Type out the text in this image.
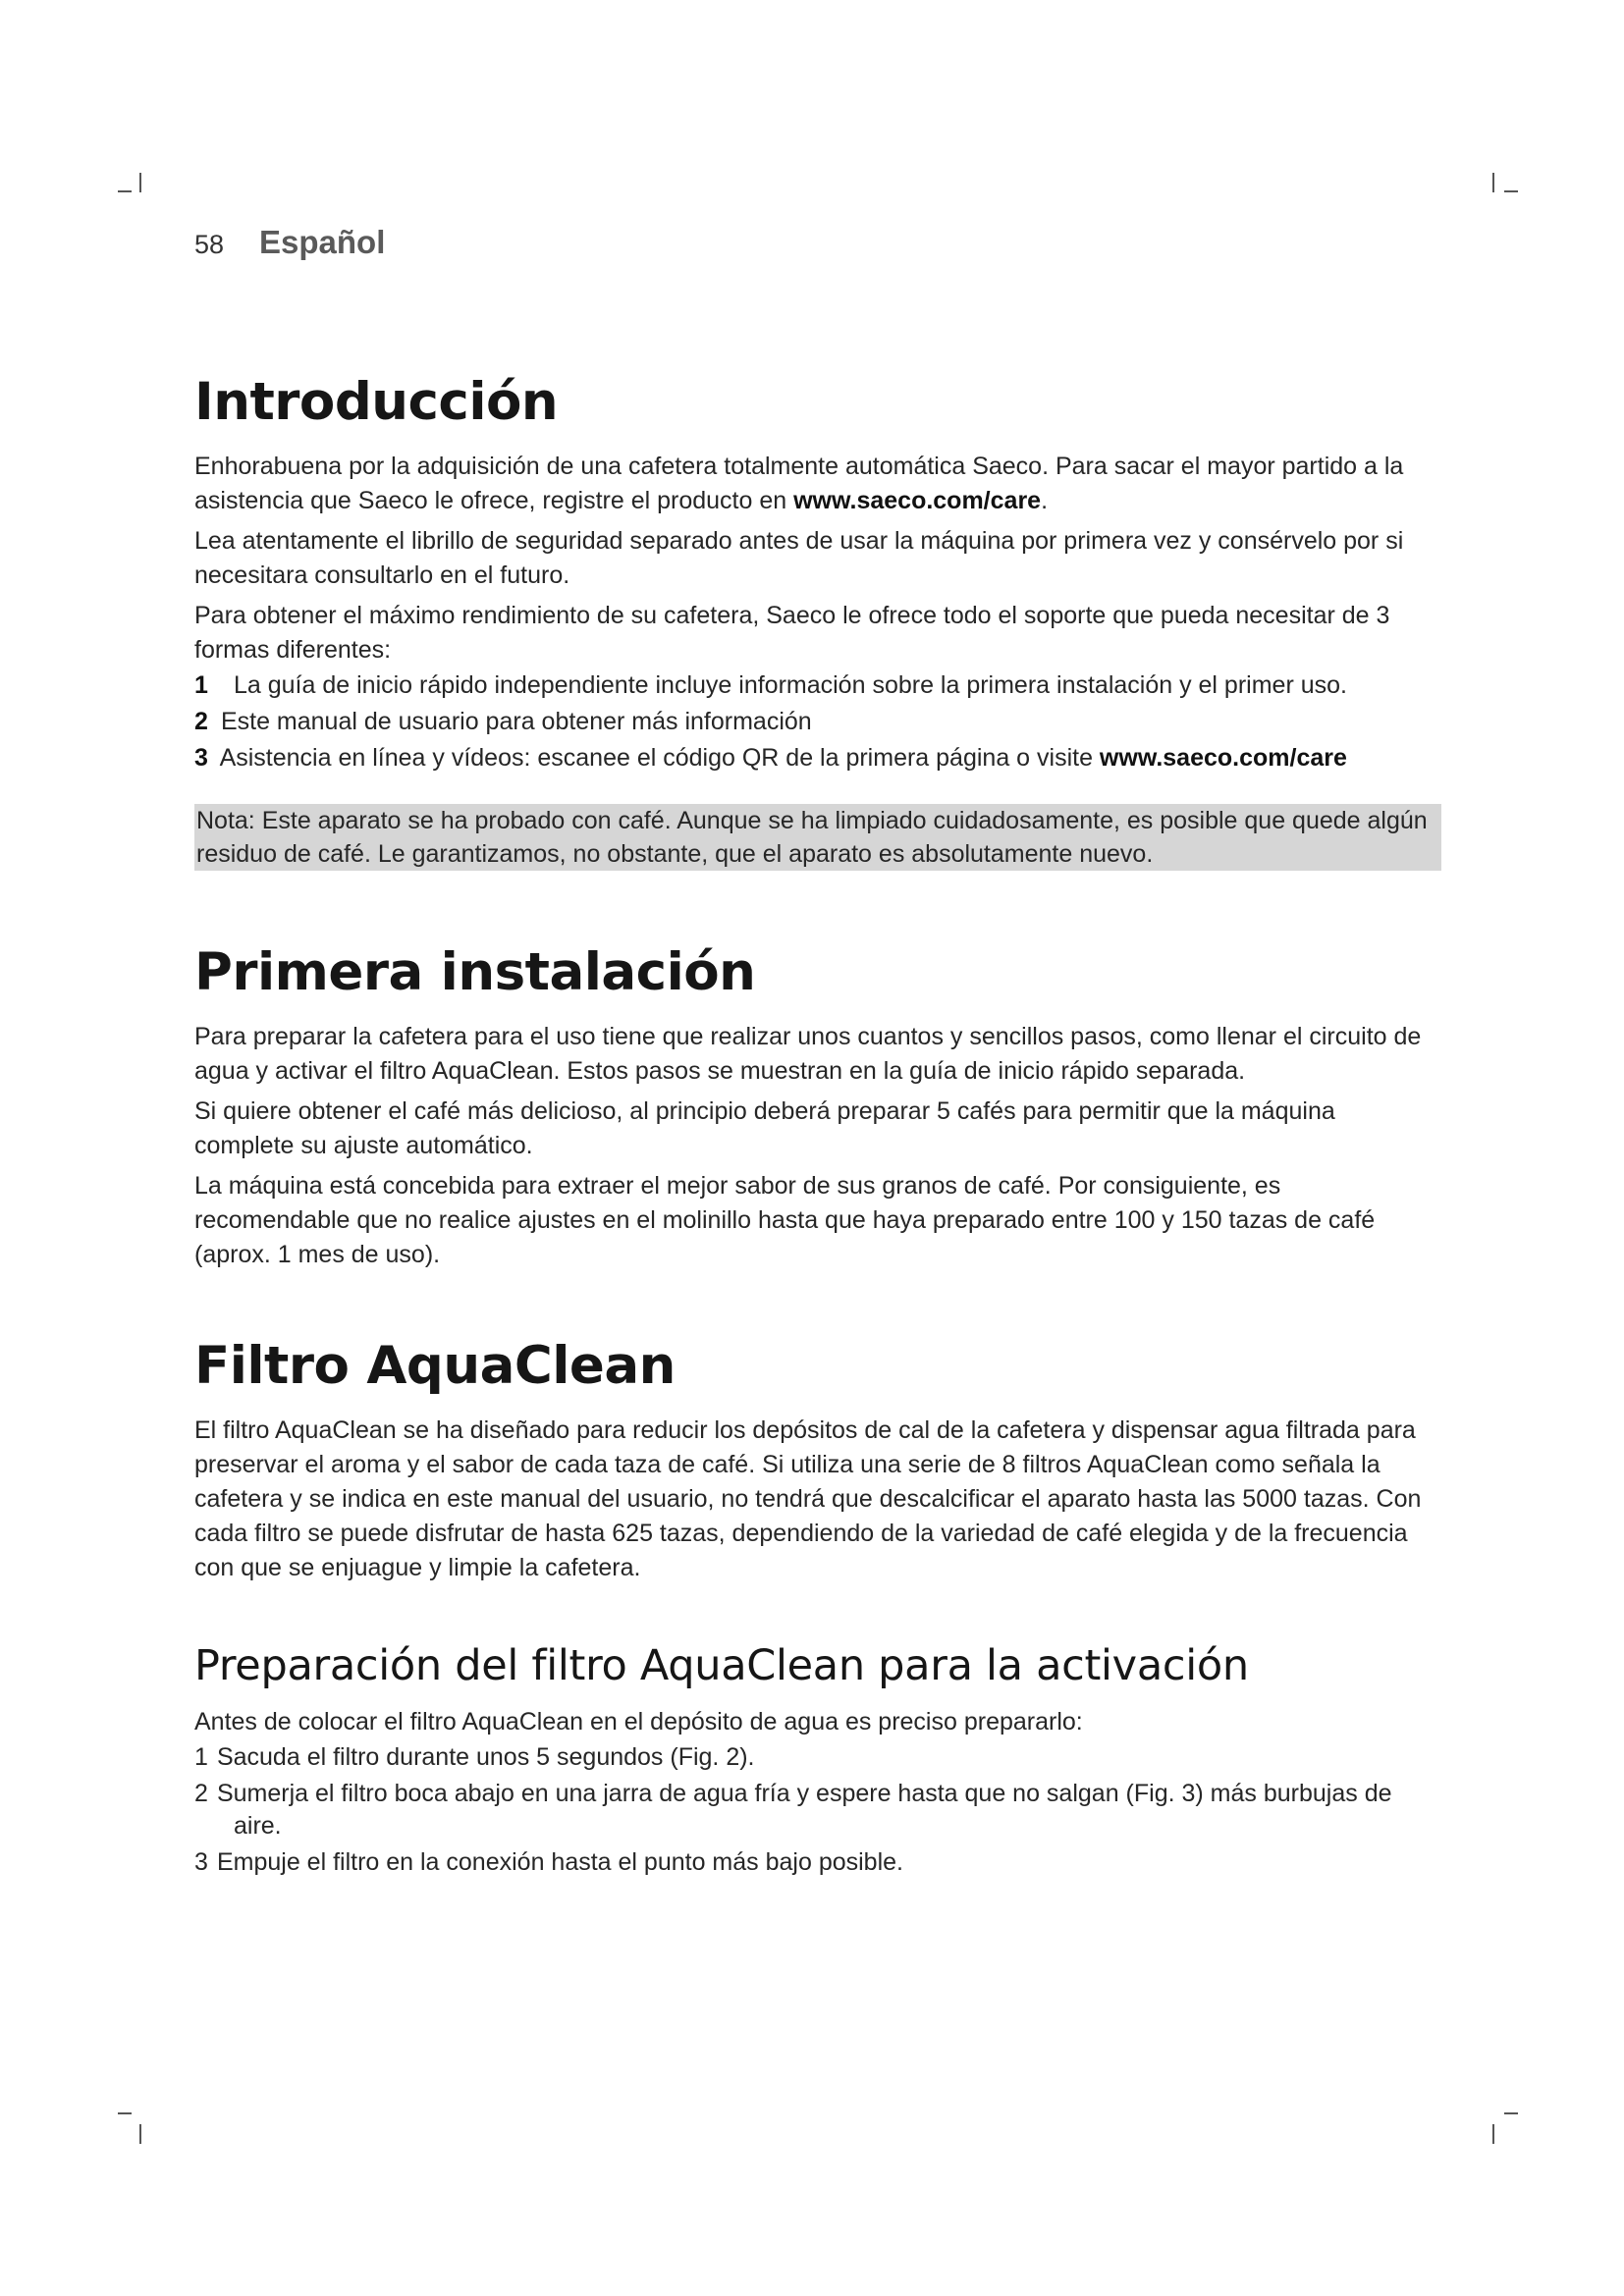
58	Español
Introducción

Enhorabuena por la adquisición de una cafetera totalmente automática Saeco. Para sacar el mayor partido a la asistencia que Saeco le ofrece, registre el producto en www.saeco.com/care.

Lea atentamente el librillo de seguridad separado antes de usar la máquina por primera vez y consérvelo por si necesitara consultarlo en el futuro.

Para obtener el máximo rendimiento de su cafetera, Saeco le ofrece todo el soporte que pueda necesitar de 3 formas diferentes:

1 La guía de inicio rápido independiente incluye información sobre la primera instalación y el primer uso.
2 Este manual de usuario para obtener más información
3 Asistencia en línea y vídeos: escanee el código QR de la primera página o visite www.saeco.com/care

Nota: Este aparato se ha probado con café. Aunque se ha limpiado cuidadosamente, es posible que quede algún residuo de café. Le garantizamos, no obstante, que el aparato es absolutamente nuevo.

Primera instalación

Para preparar la cafetera para el uso tiene que realizar unos cuantos y sencillos pasos, como llenar el circuito de agua y activar el filtro AquaClean. Estos pasos se muestran en la guía de inicio rápido separada.

Si quiere obtener el café más delicioso, al principio deberá preparar 5 cafés para permitir que la máquina complete su ajuste automático.

La máquina está concebida para extraer el mejor sabor de sus granos de café. Por consiguiente, es recomendable que no realice ajustes en el molinillo hasta que haya preparado entre 100 y 150 tazas de café (aprox. 1 mes de uso).

Filtro AquaClean

El filtro AquaClean se ha diseñado para reducir los depósitos de cal de la cafetera y dispensar agua filtrada para preservar el aroma y el sabor de cada taza de café. Si utiliza una serie de 8 filtros AquaClean como señala la cafetera y se indica en este manual del usuario, no tendrá que descalcificar el aparato hasta las 5000 tazas. Con cada filtro se puede disfrutar de hasta 625 tazas, dependiendo de la variedad de café elegida y de la frecuencia con que se enjuague y limpie la cafetera.

Preparación del filtro AquaClean para la activación

Antes de colocar el filtro AquaClean en el depósito de agua es preciso prepararlo:

1 Sacuda el filtro durante unos 5 segundos (Fig. 2).
2 Sumerja el filtro boca abajo en una jarra de agua fría y espere hasta que no salgan (Fig. 3) más burbujas de aire.
3 Empuje el filtro en la conexión hasta el punto más bajo posible.
